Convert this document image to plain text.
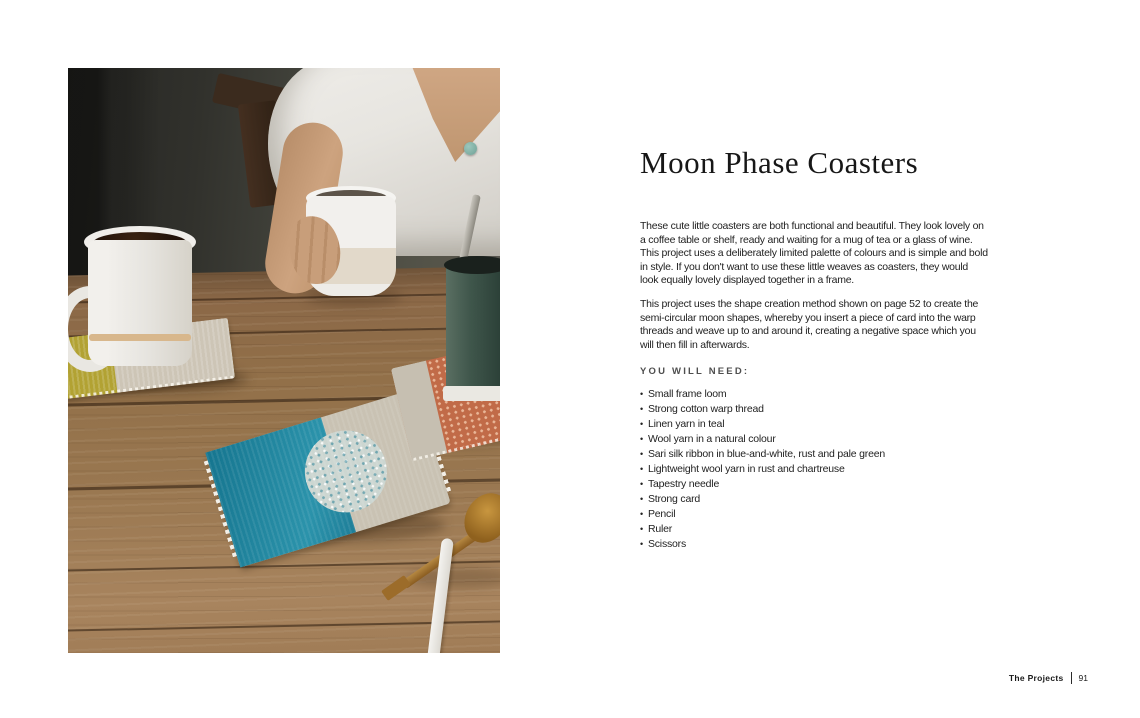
Moon Phase Coasters

These cute little coasters are both functional and beautiful. They look lovely on a coffee table or shelf, ready and waiting for a mug of tea or a glass of wine. This project uses a deliberately limited palette of colours and is simple and bold in style. If you don't want to use these little weaves as coasters, they would look equally lovely displayed together in a frame.

This project uses the shape creation method shown on page 52 to create the semi-circular moon shapes, whereby you insert a piece of card into the warp threads and weave up to and around it, creating a negative space which you will then fill in afterwards.

YOU WILL NEED:
• Small frame loom
• Strong cotton warp thread
• Linen yarn in teal
• Wool yarn in a natural colour
• Sari silk ribbon in blue-and-white, rust and pale green
• Lightweight wool yarn in rust and chartreuse
• Tapestry needle
• Strong card
• Pencil
• Ruler
• Scissors
The Projects 91
